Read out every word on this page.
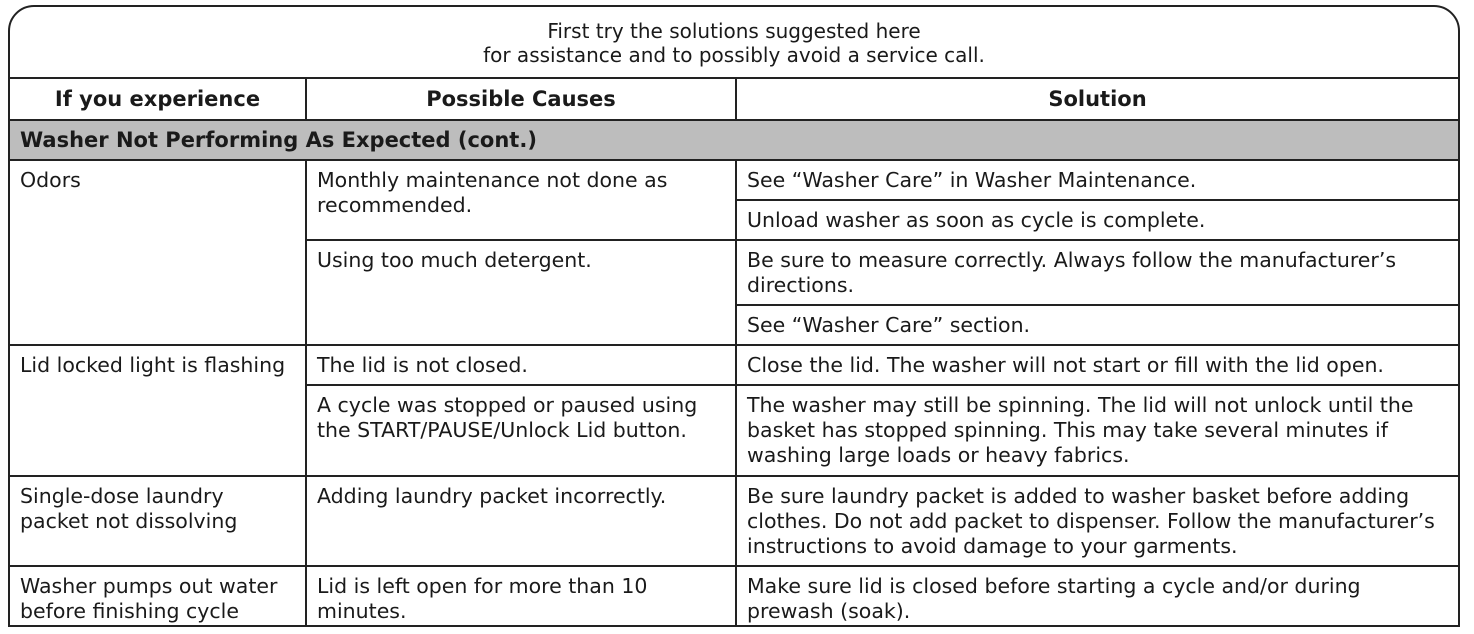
First try the solutions suggested here
for assistance and to possibly avoid a service call.
If you experience	Possible Causes	Solution
Washer Not Performing As Expected (cont.)		
Odors	Monthly maintenance not done as recommended.	See “Washer Care” in Washer Maintenance.
		Unload washer as soon as cycle is complete.
	Using too much detergent.	Be sure to measure correctly. Always follow the manufacturer’s directions.
		See “Washer Care” section.
Lid locked light is flashing	The lid is not closed.	Close the lid. The washer will not start or fill with the lid open.
	A cycle was stopped or paused using the START/PAUSE/Unlock Lid button.	The washer may still be spinning. The lid will not unlock until the basket has stopped spinning. This may take several minutes if washing large loads or heavy fabrics.
Single-dose laundry packet not dissolving	Adding laundry packet incorrectly.	Be sure laundry packet is added to washer basket before adding clothes. Do not add packet to dispenser. Follow the manufacturer’s instructions to avoid damage to your garments.
Washer pumps out water before finishing cycle	Lid is left open for more than 10 minutes.	Make sure lid is closed before starting a cycle and/or during prewash (soak).
